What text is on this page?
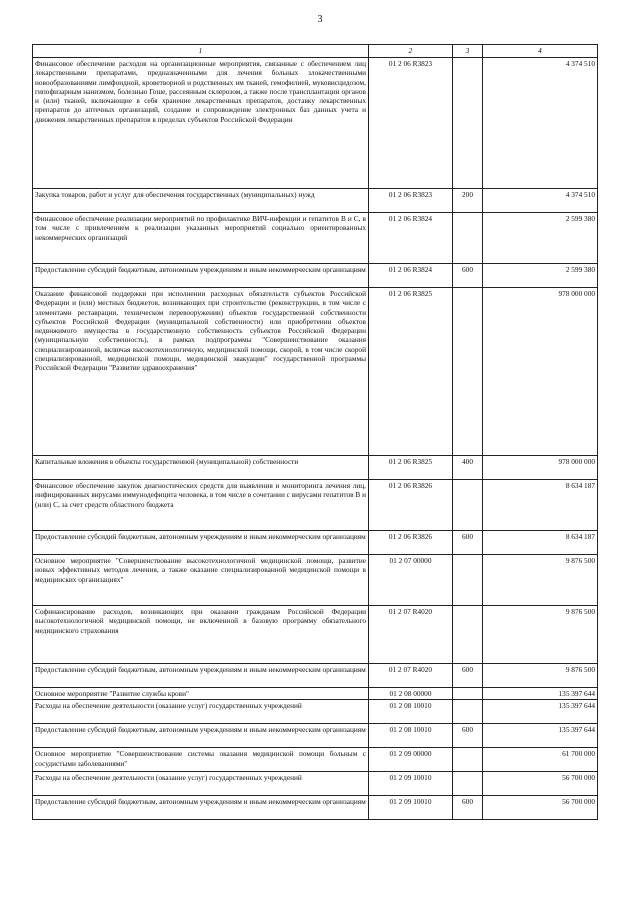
3
1	2	3	4
Финансовое обеспечение расходов на организационные мероприятия, связанные с обеспечением лиц лекарственными препаратами, предназначенными для лечения больных злокачественными новообразованиями лимфоидной, кроветворной и родственных им тканей, гемофилией, муковисцидозом, гипофизарным нанизмом, болезнью Гоше, рассеянным склерозом, а также после трансплантации органов и (или) тканей, включающие в себя хранение лекарственных препаратов, доставку лекарственных препаратов до аптечных организаций, создание и сопровождение электронных баз данных учета и движения лекарственных препаратов в пределах субъектов Российской Федерации	01 2 06 R3823		4 374 510
Закупка товаров, работ и услуг для обеспечения государственных (муниципальных) нужд	01 2 06 R3823	200	4 374 510
Финансовое обеспечение реализации мероприятий по профилактике ВИЧ-инфекции и гепатитов В и С, в том числе с привлечением к реализации указанных мероприятий социально ориентированных некоммерческих организаций	01 2 06 R3824		2 599 380
Предоставление субсидий бюджетным, автономным учреждениям и иным некоммерческим организациям	01 2 06 R3824	600	2 599 380
Оказание финансовой поддержки при исполнении расходных обязательств субъектов Российской Федерации и (или) местных бюджетов, возникающих при строительстве (реконструкции, в том числе с элементами реставрации, техническом перевооружении) объектов государственной собственности субъектов Российской Федерации (муниципальной собственности) или приобретении объектов недвижимого имущества в государственную собственность субъектов Российской Федерации (муниципальную собственность), в рамках подпрограммы "Совершенствование оказания специализированной, включая высокотехнологичную, медицинской помощи, скорой, в том числе скорой специализированной, медицинской помощи, медицинской эвакуации" государственной программы Российской Федерации "Развитие здравоохранения"	01 2 06 R3825		978 000 000
Капитальные вложения в объекты государственной (муниципальной) собственности	01 2 06 R3825	400	978 000 000
Финансовое обеспечение закупок диагностических средств для выявления и мониторинга лечения лиц, инфицированных вирусами иммунодефицита человека, в том числе в сочетании с вирусами гепатитов В и (или) С, за счет средств областного бюджета	01 2 06 R3826		8 634 187
Предоставление субсидий бюджетным, автономным учреждениям и иным некоммерческим организациям	01 2 06 R3826	600	8 634 187
Основное мероприятие "Совершенствование высокотехнологичной медицинской помощи, развитие новых эффективных методов лечения, а также оказание специализированной медицинской помощи в медицинских организациях"	01 2 07 00000		9 876 500
Софинансирование расходов, возникающих при оказании гражданам Российской Федерации высокотехнологичной медицинской помощи, не включенной в базовую программу обязательного медицинского страхования	01 2 07 R4020		9 876 500
Предоставление субсидий бюджетным, автономным учреждениям и иным некоммерческим организациям	01 2 07 R4020	600	9 876 500
Основное мероприятие "Развитие службы крови"	01 2 08 00000		135 397 644
Расходы на обеспечение деятельности (оказание услуг) государственных учреждений	01 2 08 10010		135 397 644
Предоставление субсидий бюджетным, автономным учреждениям и иным некоммерческим организациям	01 2 08 10010	600	135 397 644
Основное мероприятие "Совершенствование системы оказания медицинской помощи больным с сосудистыми заболеваниями"	01 2 09 00000		61 700 000
Расходы на обеспечение деятельности (оказание услуг) государственных учреждений	01 2 09 10010		56 700 000
Предоставление субсидий бюджетным, автономным учреждениям и иным некоммерческим организациям	01 2 09 10010	600	56 700 000
